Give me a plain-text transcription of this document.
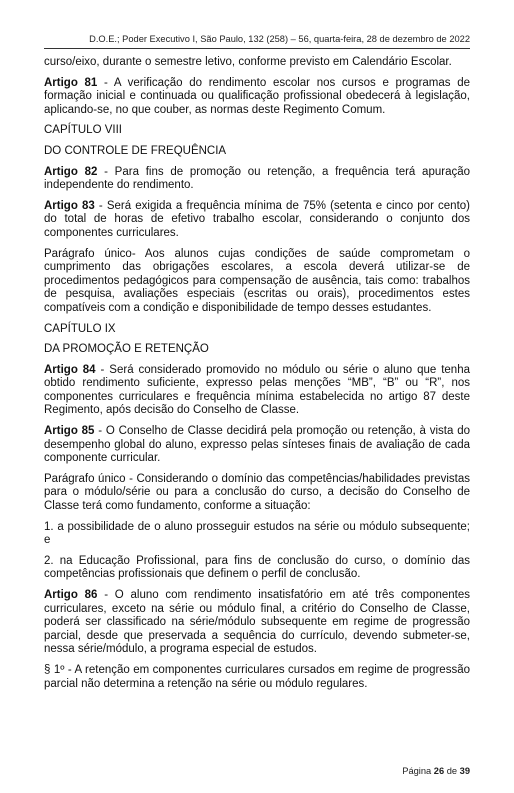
D.O.E.; Poder Executivo I, São Paulo, 132 (258) – 56, quarta-feira, 28 de dezembro de 2022

curso/eixo, durante o semestre letivo, conforme previsto em Calendário Escolar.

Artigo 81 - A verificação do rendimento escolar nos cursos e programas de formação inicial e continuada ou qualificação profissional obedecerá à legislação, aplicando-se, no que couber, as normas deste Regimento Comum.

CAPÍTULO VIII

DO CONTROLE DE FREQUÊNCIA

Artigo 82 - Para fins de promoção ou retenção, a frequência terá apuração independente do rendimento.

Artigo 83 - Será exigida a frequência mínima de 75% (setenta e cinco por cento) do total de horas de efetivo trabalho escolar, considerando o conjunto dos componentes curriculares.

Parágrafo único- Aos alunos cujas condições de saúde comprometam o cumprimento das obrigações escolares, a escola deverá utilizar-se de procedimentos pedagógicos para compensação de ausência, tais como: trabalhos de pesquisa, avaliações especiais (escritas ou orais), procedimentos estes compatíveis com a condição e disponibilidade de tempo desses estudantes.

CAPÍTULO IX

DA PROMOÇÃO E RETENÇÃO

Artigo 84 - Será considerado promovido no módulo ou série o aluno que tenha obtido rendimento suficiente, expresso pelas menções “MB”, “B” ou “R”, nos componentes curriculares e frequência mínima estabelecida no artigo 87 deste Regimento, após decisão do Conselho de Classe.

Artigo 85 - O Conselho de Classe decidirá pela promoção ou retenção, à vista do desempenho global do aluno, expresso pelas sínteses finais de avaliação de cada componente curricular.

Parágrafo único - Considerando o domínio das competências/habilidades previstas para o módulo/série ou para a conclusão do curso, a decisão do Conselho de Classe terá como fundamento, conforme a situação:

1. a possibilidade de o aluno prosseguir estudos na série ou módulo subsequente; e

2. na Educação Profissional, para fins de conclusão do curso, o domínio das competências profissionais que definem o perfil de conclusão.

Artigo 86 - O aluno com rendimento insatisfatório em até três componentes curriculares, exceto na série ou módulo final, a critério do Conselho de Classe, poderá ser classificado na série/módulo subsequente em regime de progressão parcial, desde que preservada a sequência do currículo, devendo submeter-se, nessa série/módulo, a programa especial de estudos.

§ 1º - A retenção em componentes curriculares cursados em regime de progressão parcial não determina a retenção na série ou módulo regulares.

Página 26 de 39
